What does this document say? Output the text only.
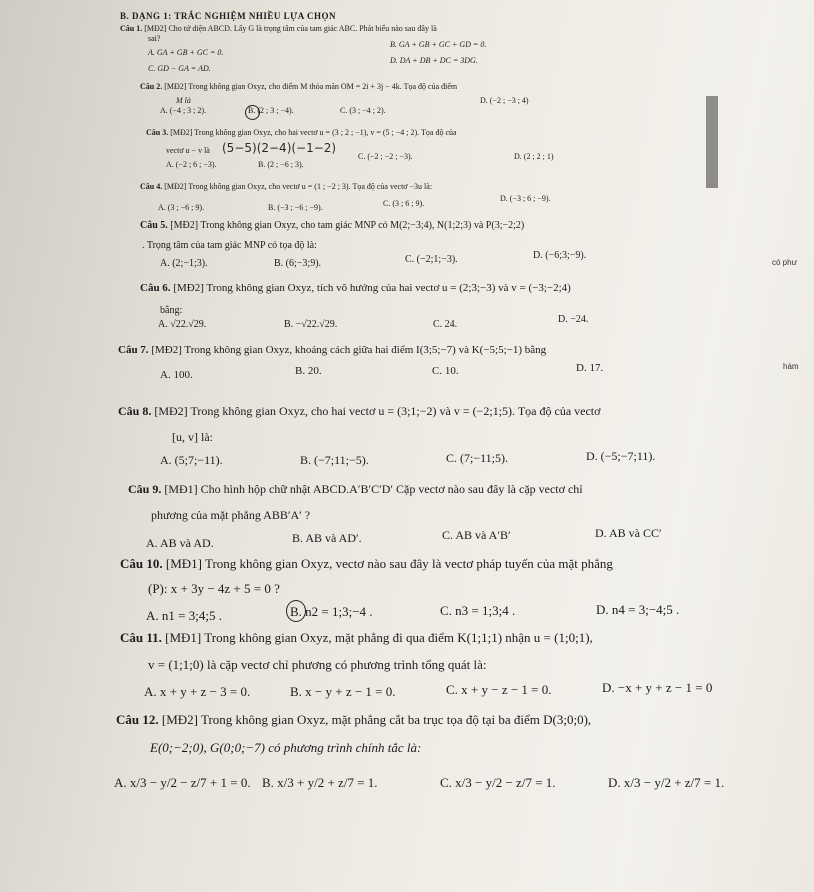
B. DẠNG 1: TRẮC NGHIỆM NHIỀU LỰA CHỌN
Câu 1. [MĐ2] Cho tứ diện ABCD. Lấy G là trọng tâm của tam giác ABC. Phát biểu nào sau đây là
sai?
A. GA + GB + GC = 0.
B. GA + GB + GC + GD = 0.
C. GD − GA = AD.
D. DA + DB + DC = 3DG.
Câu 2. [MĐ2] Trong không gian Oxyz, cho điểm M thỏa mãn OM = 2i + 3j − 4k. Tọa độ của điểm
M là
A. (−4 ; 3 ; 2).	B. (2 ; 3 ; −4).	C. (3 ; −4 ; 2).
D. (−2 ; −3 ; 4)
Câu 3. [MĐ2] Trong không gian Oxyz, cho hai vectơ u = (3 ; 2 ; −1), v = (5 ; −4 ; 2). Tọa độ của
vectơ u − v là (5−5)(2−4)(−1−2)
A. (−2 ; 6 ; −3).	B. (2 ; −6 ; 3).
C. (−2 ; −2 ; −3).	D. (2 ; 2 ; 1)
Câu 4. [MĐ2] Trong không gian Oxyz, cho vectơ u = (1 ; −2 ; 3). Tọa độ của vectơ −3u là:
A. (3 ; −6 ; 9).	B. (−3 ; −6 ; −9).	C. (3 ; 6 ; 9).
D. (−3 ; 6 ; −9).
Câu 5. [MĐ2] Trong không gian Oxyz, cho tam giác MNP có M(2;−3;4), N(1;2;3) và P(3;−2;2)
. Trọng tâm của tam giác MNP có tọa độ là:
A. (2;−1;3).	B. (6;−3;9).	C. (−2;1;−3).	D. (−6;3;−9).
có phư
Câu 6. [MĐ2] Trong không gian Oxyz, tích vô hướng của hai vectơ u = (2;3;−3) và v = (−3;−2;4)
bằng:
A. √22.√29.	B. −√22.√29.	C. 24.	D. −24.
Câu 7. [MĐ2] Trong không gian Oxyz, khoảng cách giữa hai điểm I(3;5;−7) và K(−5;5;−1) bằng
A. 100.	B. 20.	C. 10.	D. 17.	hàm
Câu 8. [MĐ2] Trong không gian Oxyz, cho hai vectơ u = (3;1;−2) và v = (−2;1;5). Tọa độ của vectơ
[u, v] là:
A. (5;7;−11).	B. (−7;11;−5).	C. (7;−11;5).	D. (−5;−7;11).
Câu 9. [MĐ1] Cho hình hộp chữ nhật ABCD.A′B′C′D′ Cặp vectơ nào sau đây là cặp vectơ chỉ
phương của mặt phẳng ABB′A′ ?
A. AB và AD.	B. AB và AD′.	C. AB và A′B′	D. AB và CC′
Câu 10. [MĐ1] Trong không gian Oxyz, vectơ nào sau đây là vectơ pháp tuyến của mặt phẳng
(P): x + 3y − 4z + 5 = 0 ?
A. n1 = 3;4;5 .	B. n2 = 1;3;−4 .	C. n3 = 1;3;4 .	D. n4 = 3;−4;5 .
Câu 11. [MĐ1] Trong không gian Oxyz, mặt phẳng đi qua điểm K(1;1;1) nhận u = (1;0;1),
v = (1;1;0) là cặp vectơ chỉ phương có phương trình tổng quát là:
A. x + y + z − 3 = 0.	B. x − y + z − 1 = 0.	C. x + y − z − 1 = 0.	D. −x + y + z − 1 = 0
Câu 12. [MĐ2] Trong không gian Oxyz, mặt phẳng cắt ba trục tọa độ tại ba điểm D(3;0;0),
E(0;−2;0), G(0;0;−7) có phương trình chính tắc là:
A. x/3 − y/2 − z/7 + 1 = 0. B. x/3 + y/2 + z/7 = 1.	C. x/3 − y/2 − z/7 = 1.	D. x/3 − y/2 + z/7 = 1.
